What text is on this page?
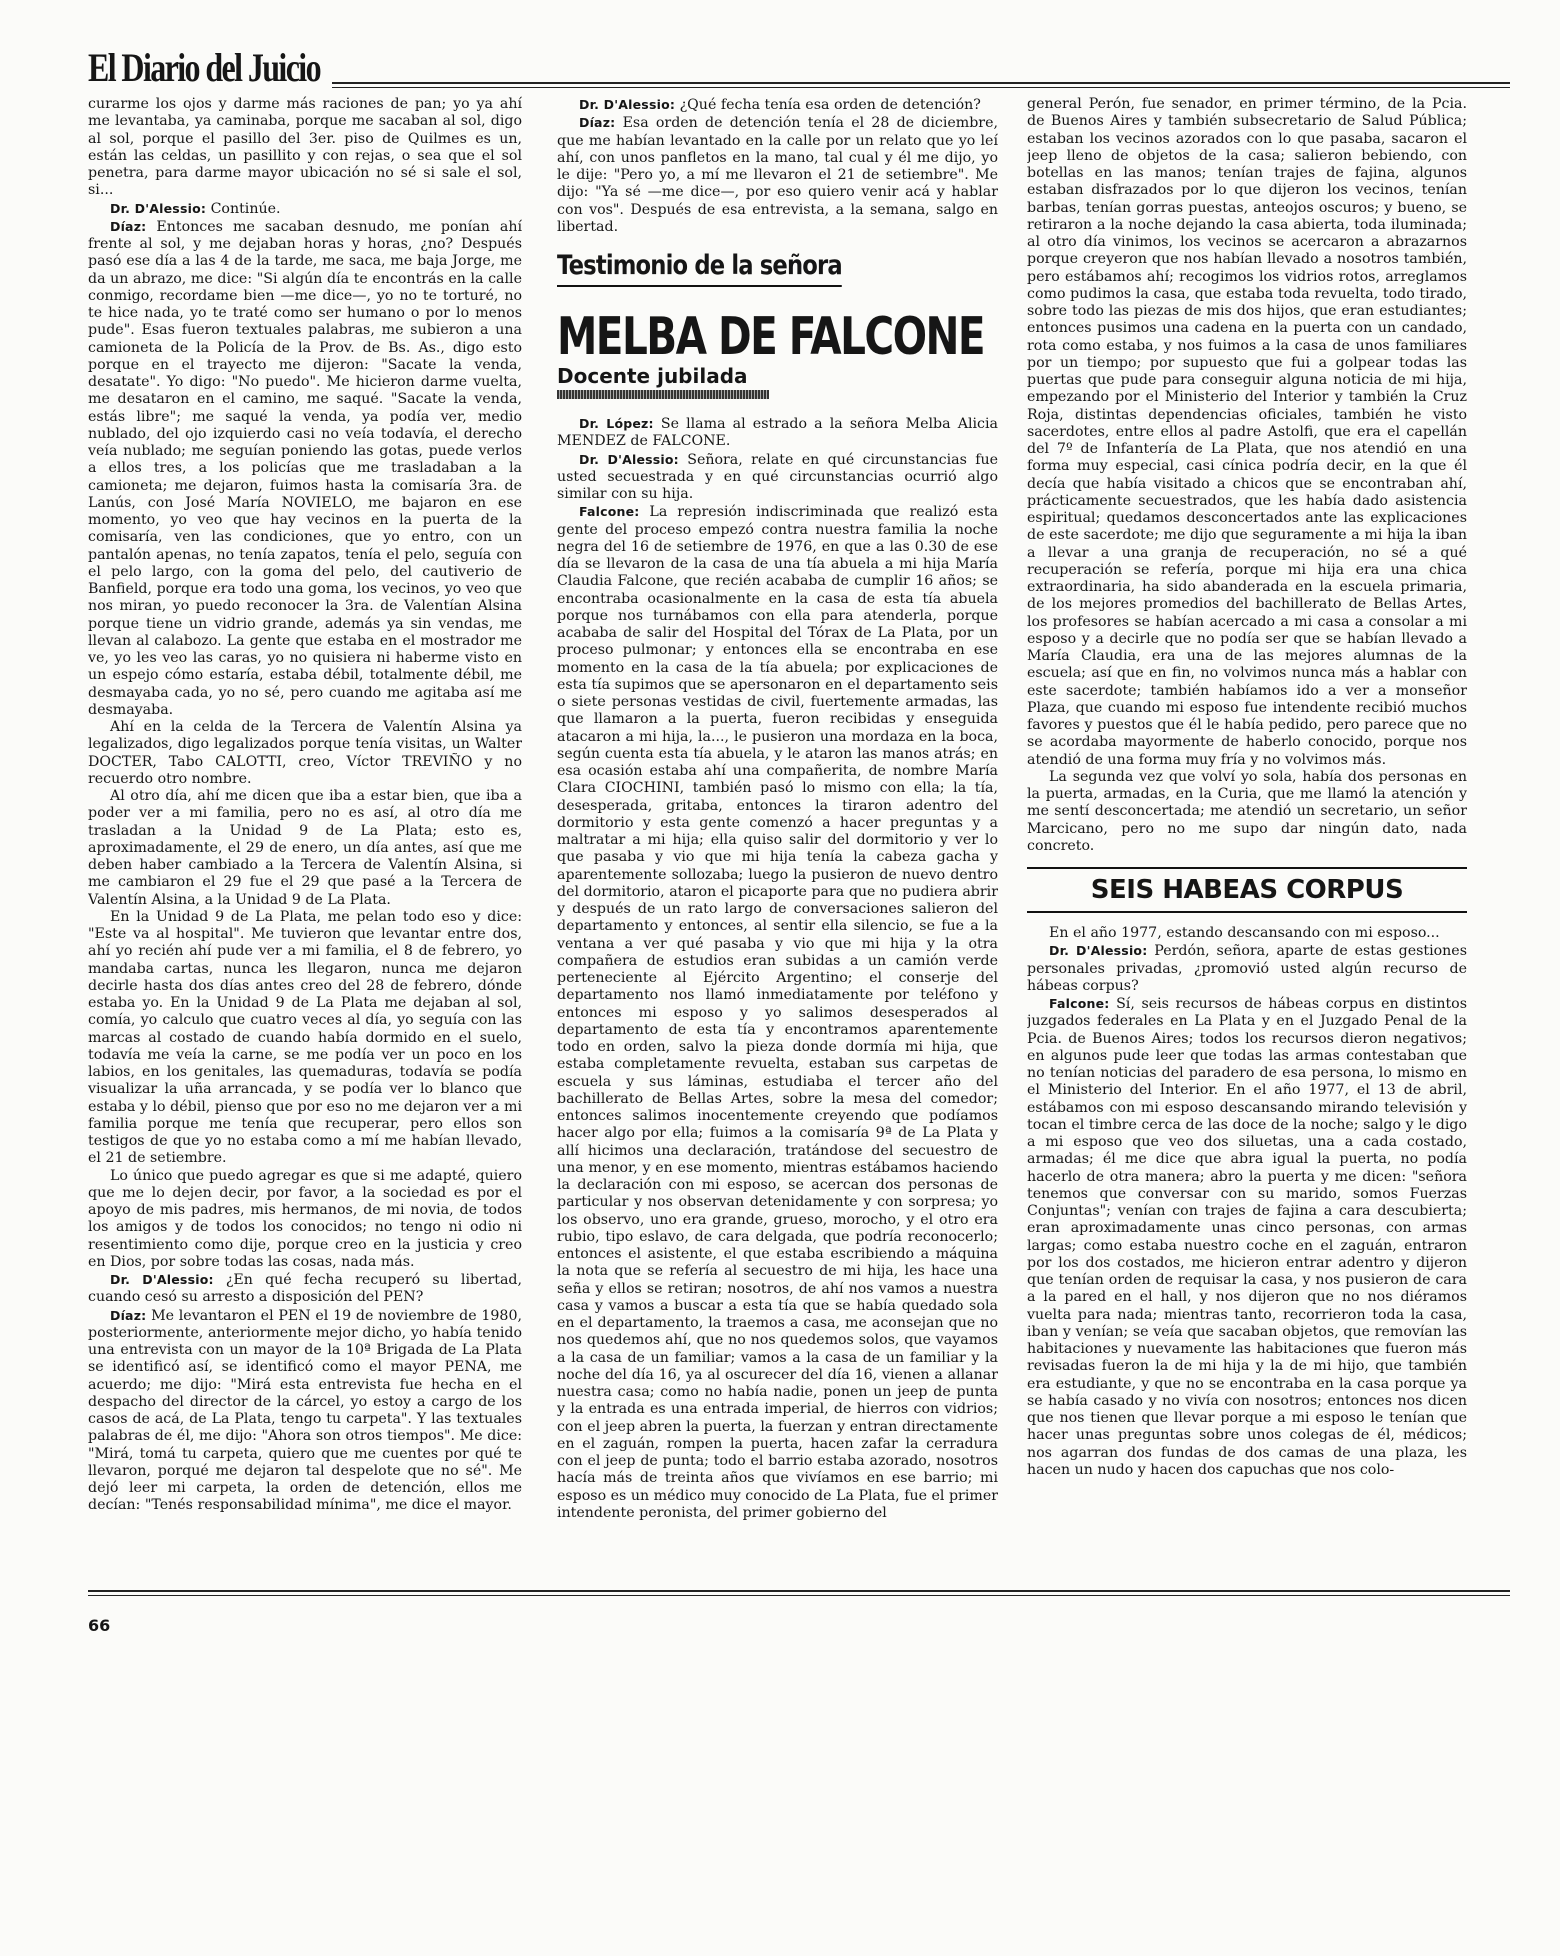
El Diario del Juicio

curarme los ojos y darme más raciones de pan; yo ya ahí me levantaba, ya caminaba, porque me sacaban al sol, digo al sol, porque el pasillo del 3er. piso de Quilmes es un, están las celdas, un pasillito y con rejas, o sea que el sol penetra, para darme mayor ubicación no sé si sale el sol, si...

Dr. D'Alessio: Continúe.

Díaz: Entonces me sacaban desnudo, me ponían ahí frente al sol, y me dejaban horas y horas, ¿no? Después pasó ese día a las 4 de la tarde, me saca, me baja Jorge, me da un abrazo, me dice: "Si algún día te encontrás en la calle conmigo, recordame bien —me dice—, yo no te torturé, no te hice nada, yo te traté como ser humano o por lo menos pude". Esas fueron textuales palabras, me subieron a una camioneta de la Policía de la Prov. de Bs. As., digo esto porque en el trayecto me dijeron: "Sacate la venda, desatate". Yo digo: "No puedo". Me hicieron darme vuelta, me desataron en el camino, me saqué. "Sacate la venda, estás libre"; me saqué la venda, ya podía ver, medio nublado, del ojo izquierdo casi no veía todavía, el derecho veía nublado; me seguían poniendo las gotas, puede verlos a ellos tres, a los policías que me trasladaban a la camioneta; me dejaron, fuimos hasta la comisaría 3ra. de Lanús, con José María NOVIELO, me bajaron en ese momento, yo veo que hay vecinos en la puerta de la comisaría, ven las condiciones, que yo entro, con un pantalón apenas, no tenía zapatos, tenía el pelo, seguía con el pelo largo, con la goma del pelo, del cautiverio de Banfield, porque era todo una goma, los vecinos, yo veo que nos miran, yo puedo reconocer la 3ra. de Valentían Alsina porque tiene un vidrio grande, además ya sin vendas, me llevan al calabozo. La gente que estaba en el mostrador me ve, yo les veo las caras, yo no quisiera ni haberme visto en un espejo cómo estaría, estaba débil, totalmente débil, me desmayaba cada, yo no sé, pero cuando me agitaba así me desmayaba.

Ahí en la celda de la Tercera de Valentín Alsina ya legalizados, digo legalizados porque tenía visitas, un Walter DOCTER, Tabo CALOTTI, creo, Víctor TREVIÑO y no recuerdo otro nombre.

Al otro día, ahí me dicen que iba a estar bien, que iba a poder ver a mi familia, pero no es así, al otro día me trasladan a la Unidad 9 de La Plata; esto es, aproximadamente, el 29 de enero, un día antes, así que me deben haber cambiado a la Tercera de Valentín Alsina, si me cambiaron el 29 fue el 29 que pasé a la Tercera de Valentín Alsina, a la Unidad 9 de La Plata.

En la Unidad 9 de La Plata, me pelan todo eso y dice: "Este va al hospital". Me tuvieron que levantar entre dos, ahí yo recién ahí pude ver a mi familia, el 8 de febrero, yo mandaba cartas, nunca les llegaron, nunca me dejaron decirle hasta dos días antes creo del 28 de febrero, dónde estaba yo. En la Unidad 9 de La Plata me dejaban al sol, comía, yo calculo que cuatro veces al día, yo seguía con las marcas al costado de cuando había dormido en el suelo, todavía me veía la carne, se me podía ver un poco en los labios, en los genitales, las quemaduras, todavía se podía visualizar la uña arrancada, y se podía ver lo blanco que estaba y lo débil, pienso que por eso no me dejaron ver a mi familia porque me tenía que recuperar, pero ellos son testigos de que yo no estaba como a mí me habían llevado, el 21 de setiembre.

Lo único que puedo agregar es que si me adapté, quiero que me lo dejen decir, por favor, a la sociedad es por el apoyo de mis padres, mis hermanos, de mi novia, de todos los amigos y de todos los conocidos; no tengo ni odio ni resentimiento como dije, porque creo en la justicia y creo en Dios, por sobre todas las cosas, nada más.

Dr. D'Alessio: ¿En qué fecha recuperó su libertad, cuando cesó su arresto a disposición del PEN?

Díaz: Me levantaron el PEN el 19 de noviembre de 1980, posteriormente, anteriormente mejor dicho, yo había tenido una entrevista con un mayor de la 10ª Brigada de La Plata se identificó así, se identificó como el mayor PENA, me acuerdo; me dijo: "Mirá esta entrevista fue hecha en el despacho del director de la cárcel, yo estoy a cargo de los casos de acá, de La Plata, tengo tu carpeta". Y las textuales palabras de él, me dijo: "Ahora son otros tiempos". Me dice: "Mirá, tomá tu carpeta, quiero que me cuentes por qué te llevaron, porqué me dejaron tal despelote que no sé". Me dejó leer mi carpeta, la orden de detención, ellos me decían: "Tenés responsabilidad mínima", me dice el mayor.

Dr. D'Alessio: ¿Qué fecha tenía esa orden de detención?

Díaz: Esa orden de detención tenía el 28 de diciembre, que me habían levantado en la calle por un relato que yo leí ahí, con unos panfletos en la mano, tal cual y él me dijo, yo le dije: "Pero yo, a mí me llevaron el 21 de setiembre". Me dijo: "Ya sé —me dice—, por eso quiero venir acá y hablar con vos". Después de esa entrevista, a la semana, salgo en libertad.

Testimonio de la señora
MELBA DE FALCONE
Docente jubilada

Dr. López: Se llama al estrado a la señora Melba Alicia MENDEZ de FALCONE.

Dr. D'Alessio: Señora, relate en qué circunstancias fue usted secuestrada y en qué circunstancias ocurrió algo similar con su hija.

Falcone: La represión indiscriminada que realizó esta gente del proceso empezó contra nuestra familia la noche negra del 16 de setiembre de 1976, en que a las 0.30 de ese día se llevaron de la casa de una tía abuela a mi hija María Claudia Falcone, que recién acababa de cumplir 16 años; se encontraba ocasionalmente en la casa de esta tía abuela porque nos turnábamos con ella para atenderla, porque acababa de salir del Hospital del Tórax de La Plata, por un proceso pulmonar; y entonces ella se encontraba en ese momento en la casa de la tía abuela; por explicaciones de esta tía supimos que se apersonaron en el departamento seis o siete personas vestidas de civil, fuertemente armadas, las que llamaron a la puerta, fueron recibidas y enseguida atacaron a mi hija, la..., le pusieron una mordaza en la boca, según cuenta esta tía abuela, y le ataron las manos atrás; en esa ocasión estaba ahí una compañerita, de nombre María Clara CIOCHINI, también pasó lo mismo con ella; la tía, desesperada, gritaba, entonces la tiraron adentro del dormitorio y esta gente comenzó a hacer preguntas y a maltratar a mi hija; ella quiso salir del dormitorio y ver lo que pasaba y vio que mi hija tenía la cabeza gacha y aparentemente sollozaba; luego la pusieron de nuevo dentro del dormitorio, ataron el picaporte para que no pudiera abrir y después de un rato largo de conversaciones salieron del departamento y entonces, al sentir ella silencio, se fue a la ventana a ver qué pasaba y vio que mi hija y la otra compañera de estudios eran subidas a un camión verde perteneciente al Ejército Argentino; el conserje del departamento nos llamó inmediatamente por teléfono y entonces mi esposo y yo salimos desesperados al departamento de esta tía y encontramos aparentemente todo en orden, salvo la pieza donde dormía mi hija, que estaba completamente revuelta, estaban sus carpetas de escuela y sus láminas, estudiaba el tercer año del bachillerato de Bellas Artes, sobre la mesa del comedor; entonces salimos inocentemente creyendo que podíamos hacer algo por ella; fuimos a la comisaría 9ª de La Plata y allí hicimos una declaración, tratándose del secuestro de una menor, y en ese momento, mientras estábamos haciendo la declaración con mi esposo, se acercan dos personas de particular y nos observan detenidamente y con sorpresa; yo los observo, uno era grande, grueso, morocho, y el otro era rubio, tipo eslavo, de cara delgada, que podría reconocerlo; entonces el asistente, el que estaba escribiendo a máquina la nota que se refería al secuestro de mi hija, les hace una seña y ellos se retiran; nosotros, de ahí nos vamos a nuestra casa y vamos a buscar a esta tía que se había quedado sola en el departamento, la traemos a casa, me aconsejan que no nos quedemos ahí, que no nos quedemos solos, que vayamos a la casa de un familiar; vamos a la casa de un familiar y la noche del día 16, ya al oscurecer del día 16, vienen a allanar nuestra casa; como no había nadie, ponen un jeep de punta y la entrada es una entrada imperial, de hierros con vidrios; con el jeep abren la puerta, la fuerzan y entran directamente en el zaguán, rompen la puerta, hacen zafar la cerradura con el jeep de punta; todo el barrio estaba azorado, nosotros hacía más de treinta años que vivíamos en ese barrio; mi esposo es un médico muy conocido de La Plata, fue el primer intendente peronista, del primer gobierno del

general Perón, fue senador, en primer término, de la Pcia. de Buenos Aires y también subsecretario de Salud Pública; estaban los vecinos azorados con lo que pasaba, sacaron el jeep lleno de objetos de la casa; salieron bebiendo, con botellas en las manos; tenían trajes de fajina, algunos estaban disfrazados por lo que dijeron los vecinos, tenían barbas, tenían gorras puestas, anteojos oscuros; y bueno, se retiraron a la noche dejando la casa abierta, toda iluminada; al otro día vinimos, los vecinos se acercaron a abrazarnos porque creyeron que nos habían llevado a nosotros también, pero estábamos ahí; recogimos los vidrios rotos, arreglamos como pudimos la casa, que estaba toda revuelta, todo tirado, sobre todo las piezas de mis dos hijos, que eran estudiantes; entonces pusimos una cadena en la puerta con un candado, rota como estaba, y nos fuimos a la casa de unos familiares por un tiempo; por supuesto que fui a golpear todas las puertas que pude para conseguir alguna noticia de mi hija, empezando por el Ministerio del Interior y también la Cruz Roja, distintas dependencias oficiales, también he visto sacerdotes, entre ellos al padre Astolfi, que era el capellán del 7º de Infantería de La Plata, que nos atendió en una forma muy especial, casi cínica podría decir, en la que él decía que había visitado a chicos que se encontraban ahí, prácticamente secuestrados, que les había dado asistencia espiritual; quedamos desconcertados ante las explicaciones de este sacerdote; me dijo que seguramente a mi hija la iban a llevar a una granja de recuperación, no sé a qué recuperación se refería, porque mi hija era una chica extraordinaria, ha sido abanderada en la escuela primaria, de los mejores promedios del bachillerato de Bellas Artes, los profesores se habían acercado a mi casa a consolar a mi esposo y a decirle que no podía ser que se habían llevado a María Claudia, era una de las mejores alumnas de la escuela; así que en fin, no volvimos nunca más a hablar con este sacerdote; también habíamos ido a ver a monseñor Plaza, que cuando mi esposo fue intendente recibió muchos favores y puestos que él le había pedido, pero parece que no se acordaba mayormente de haberlo conocido, porque nos atendió de una forma muy fría y no volvimos más.

La segunda vez que volví yo sola, había dos personas en la puerta, armadas, en la Curia, que me llamó la atención y me sentí desconcertada; me atendió un secretario, un señor Marcicano, pero no me supo dar ningún dato, nada concreto.

SEIS HABEAS CORPUS

En el año 1977, estando descansando con mi esposo...

Dr. D'Alessio: Perdón, señora, aparte de estas gestiones personales privadas, ¿promovió usted algún recurso de hábeas corpus?

Falcone: Sí, seis recursos de hábeas corpus en distintos juzgados federales en La Plata y en el Juzgado Penal de la Pcia. de Buenos Aires; todos los recursos dieron negativos; en algunos pude leer que todas las armas contestaban que no tenían noticias del paradero de esa persona, lo mismo en el Ministerio del Interior. En el año 1977, el 13 de abril, estábamos con mi esposo descansando mirando televisión y tocan el timbre cerca de las doce de la noche; salgo y le digo a mi esposo que veo dos siluetas, una a cada costado, armadas; él me dice que abra igual la puerta, no podía hacerlo de otra manera; abro la puerta y me dicen: "señora tenemos que conversar con su marido, somos Fuerzas Conjuntas"; venían con trajes de fajina a cara descubierta; eran aproximadamente unas cinco personas, con armas largas; como estaba nuestro coche en el zaguán, entraron por los dos costados, me hicieron entrar adentro y dijeron que tenían orden de requisar la casa, y nos pusieron de cara a la pared en el hall, y nos dijeron que no nos diéramos vuelta para nada; mientras tanto, recorrieron toda la casa, iban y venían; se veía que sacaban objetos, que removían las habitaciones y nuevamente las habitaciones que fueron más revisadas fueron la de mi hija y la de mi hijo, que también era estudiante, y que no se encontraba en la casa porque ya se había casado y no vivía con nosotros; entonces nos dicen que nos tienen que llevar porque a mi esposo le tenían que hacer unas preguntas sobre unos colegas de él, médicos; nos agarran dos fundas de dos camas de una plaza, les hacen un nudo y hacen dos capuchas que nos colo-

66
